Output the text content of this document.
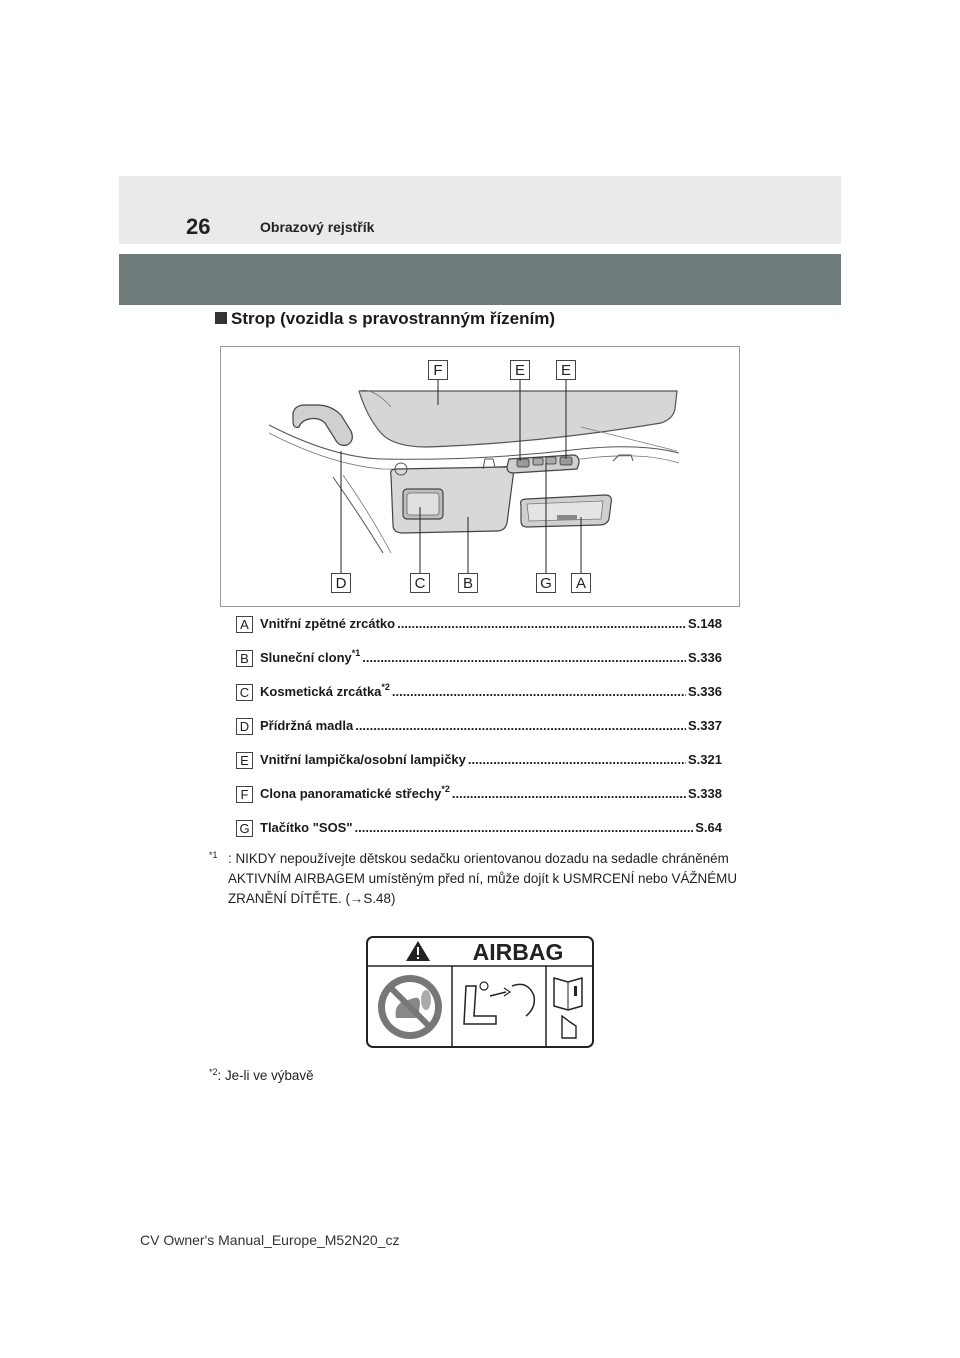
26	Obrazový rejstřík
Strop (vozidla s pravostranným řízením)
F	E	E
D	C	B	G	A
A Vnitřní zpětné zrcátko .....	S.148
B Sluneční clony$^{*1}$ .....	S.336
C Kosmetická zrcátka$^{*2}$ .....	S.336
D Přídržná madla .....	S.337
E Vnitřní lampička/osobní lampičky .....	S.321
F Clona panoramatické střechy$^{*2}$ .....	S.338
G Tlačítko "SOS" .....	S.64
$^{*1}$ : NIKDY nepoužívejte dětskou sedačku orientovanou dozadu na sedadle chráněném AKTIVNÍM AIRBAGEM umístěným před ní, může dojít k USMRCENÍ nebo VÁŽNÉMU ZRANĚNÍ DÍTĚTE. (→S.48)
AIRBAG
$^{*2}$: Je-li ve výbavě
CV Owner's Manual_Europe_M52N20_cz
